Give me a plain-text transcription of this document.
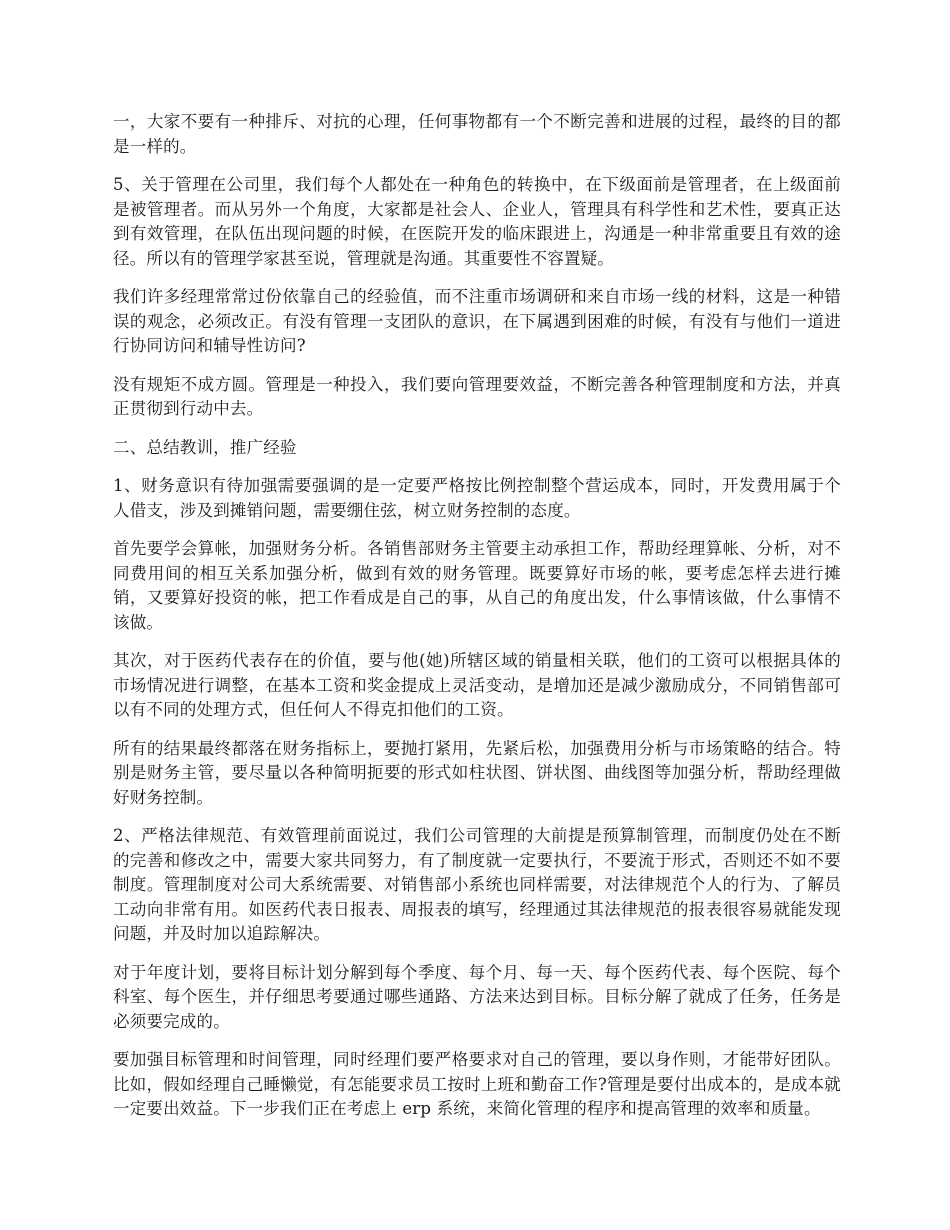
一，大家不要有一种排斥、对抗的心理，任何事物都有一个不断完善和进展的过程，最终的目的都是一样的。

5、关于管理在公司里，我们每个人都处在一种角色的转换中，在下级面前是管理者，在上级面前是被管理者。而从另外一个角度，大家都是社会人、企业人，管理具有科学性和艺术性，要真正达到有效管理，在队伍出现问题的时候，在医院开发的临床跟进上，沟通是一种非常重要且有效的途径。所以有的管理学家甚至说，管理就是沟通。其重要性不容置疑。

我们许多经理常常过份依靠自己的经验值，而不注重市场调研和来自市场一线的材料，这是一种错误的观念，必须改正。有没有管理一支团队的意识，在下属遇到困难的时候，有没有与他们一道进行协同访问和辅导性访问?

没有规矩不成方圆。管理是一种投入，我们要向管理要效益，不断完善各种管理制度和方法，并真正贯彻到行动中去。

二、总结教训，推广经验

1、财务意识有待加强需要强调的是一定要严格按比例控制整个营运成本，同时，开发费用属于个人借支，涉及到摊销问题，需要绷住弦，树立财务控制的态度。

首先要学会算帐，加强财务分析。各销售部财务主管要主动承担工作，帮助经理算帐、分析，对不同费用间的相互关系加强分析，做到有效的财务管理。既要算好市场的帐，要考虑怎样去进行摊销，又要算好投资的帐，把工作看成是自己的事，从自己的角度出发，什么事情该做，什么事情不该做。

其次，对于医药代表存在的价值，要与他(她)所辖区域的销量相关联，他们的工资可以根据具体的市场情况进行调整，在基本工资和奖金提成上灵活变动，是增加还是减少激励成分，不同销售部可以有不同的处理方式，但任何人不得克扣他们的工资。

所有的结果最终都落在财务指标上，要抛打紧用，先紧后松，加强费用分析与市场策略的结合。特别是财务主管，要尽量以各种简明扼要的形式如柱状图、饼状图、曲线图等加强分析，帮助经理做好财务控制。

2、严格法律规范、有效管理前面说过，我们公司管理的大前提是预算制管理，而制度仍处在不断的完善和修改之中，需要大家共同努力，有了制度就一定要执行，不要流于形式，否则还不如不要制度。管理制度对公司大系统需要、对销售部小系统也同样需要，对法律规范个人的行为、了解员工动向非常有用。如医药代表日报表、周报表的填写，经理通过其法律规范的报表很容易就能发现问题，并及时加以追踪解决。

对于年度计划，要将目标计划分解到每个季度、每个月、每一天、每个医药代表、每个医院、每个科室、每个医生，并仔细思考要通过哪些通路、方法来达到目标。目标分解了就成了任务，任务是必须要完成的。

要加强目标管理和时间管理，同时经理们要严格要求对自己的管理，要以身作则，才能带好团队。比如，假如经理自己睡懒觉，有怎能要求员工按时上班和勤奋工作?管理是要付出成本的，是成本就一定要出效益。下一步我们正在考虑上 erp 系统，来简化管理的程序和提高管理的效率和质量。
